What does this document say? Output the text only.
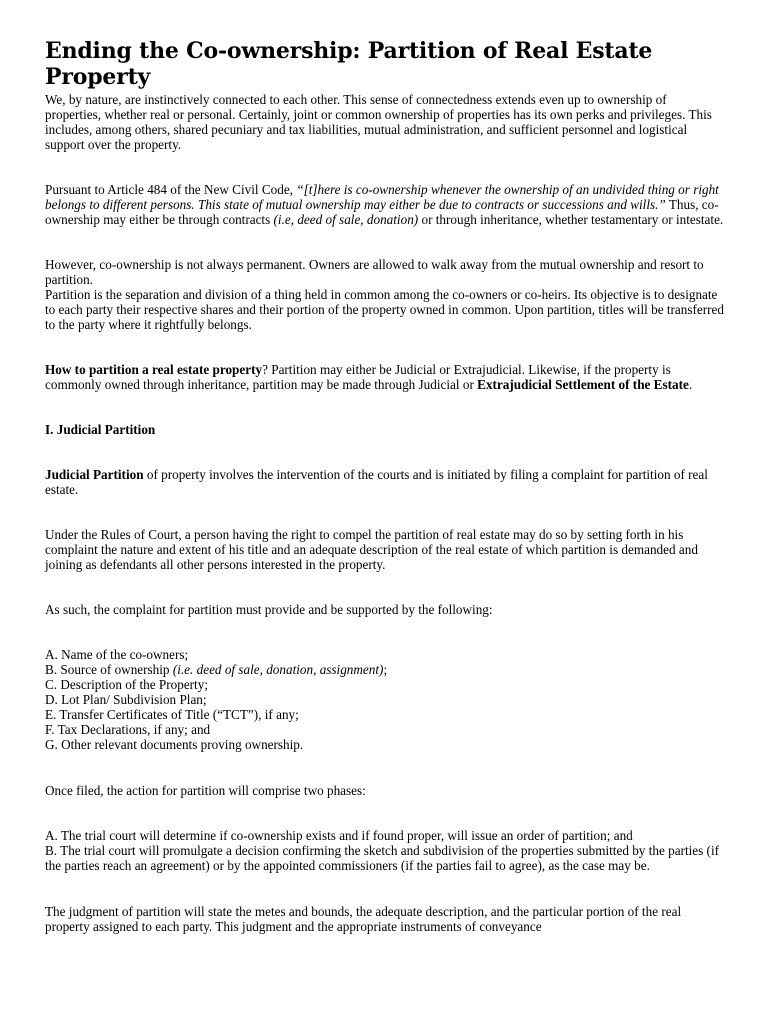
Ending the Co-ownership: Partition of Real Estate Property

We, by nature, are instinctively connected to each other. This sense of connectedness extends even up to ownership of properties, whether real or personal. Certainly, joint or common ownership of properties has its own perks and privileges. This includes, among others, shared pecuniary and tax liabilities, mutual administration, and sufficient personnel and logistical support over the property.

Pursuant to Article 484 of the New Civil Code, “[t]here is co-ownership whenever the ownership of an undivided thing or right belongs to different persons. This state of mutual ownership may either be due to contracts or successions and wills.” Thus, co-ownership may either be through contracts (i.e, deed of sale, donation) or through inheritance, whether testamentary or intestate.

However, co-ownership is not always permanent. Owners are allowed to walk away from the mutual ownership and resort to partition.

Partition is the separation and division of a thing held in common among the co-owners or co-heirs. Its objective is to designate to each party their respective shares and their portion of the property owned in common. Upon partition, titles will be transferred to the party where it rightfully belongs.

How to partition a real estate property? Partition may either be Judicial or Extrajudicial. Likewise, if the property is commonly owned through inheritance, partition may be made through Judicial or Extrajudicial Settlement of the Estate.

I. Judicial Partition

Judicial Partition of property involves the intervention of the courts and is initiated by filing a complaint for partition of real estate.

Under the Rules of Court, a person having the right to compel the partition of real estate may do so by setting forth in his complaint the nature and extent of his title and an adequate description of the real estate of which partition is demanded and joining as defendants all other persons interested in the property.

As such, the complaint for partition must provide and be supported by the following:

A. Name of the co-owners;

B. Source of ownership (i.e. deed of sale, donation, assignment);

C. Description of the Property;

D. Lot Plan/ Subdivision Plan;

E. Transfer Certificates of Title (“TCT”), if any;

F. Tax Declarations, if any; and

G. Other relevant documents proving ownership.

Once filed, the action for partition will comprise two phases:

A. The trial court will determine if co-ownership exists and if found proper, will issue an order of partition; and

B. The trial court will promulgate a decision confirming the sketch and subdivision of the properties submitted by the parties (if the parties reach an agreement) or by the appointed commissioners (if the parties fail to agree), as the case may be.

The judgment of partition will state the metes and bounds, the adequate description, and the particular portion of the real property assigned to each party. This judgment and the appropriate instruments of conveyance
